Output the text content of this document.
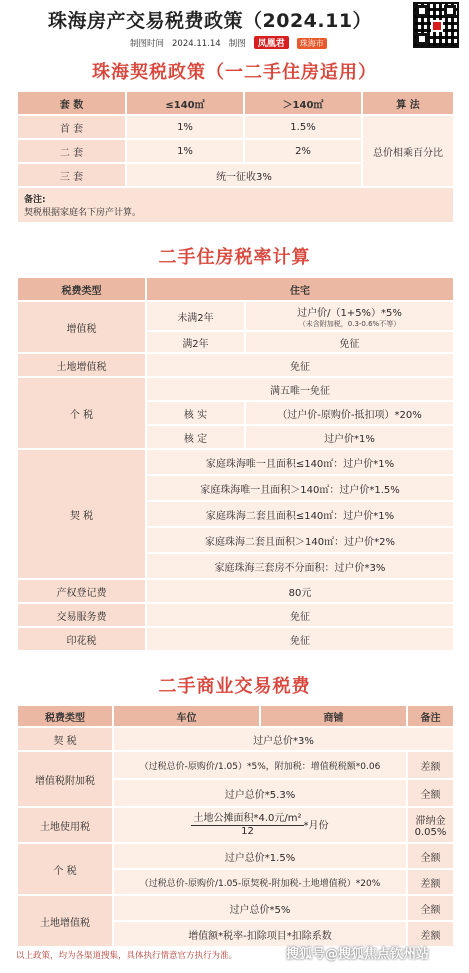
珠海房产交易税费政策（2024.11）
制图时间 2024.11.14 制图 凤凰君 珠海市
珠海契税政策（一二手住房适用）
套 数	≤140㎡	＞140㎡	算 法
首 套	1%	1.5%	总价相乘百分比
二 套	1%	2%	
三 套	统一征收3%		

备注:
契税根据家庭名下房产计算。			
二手住房税率计算
税费类型	住宅	
增值税	未满2年	过户价/（1+5%）*5%
（未含附加税，0.3-0.6%不等）

	满2年	免征
土地增值税	免征	
个 税	满五唯一免征	
	核 实	（过户价-原购价-抵扣项）*20%
	核 定	过户价*1%
契 税	家庭珠海唯一且面积≤140㎡：过户价*1%	
	家庭珠海唯一且面积＞140㎡：过户价*1.5%	
	家庭珠海二套且面积≤140㎡：过户价*1%	
	家庭珠海二套且面积＞140㎡：过户价*2%	
	家庭珠海三套房不分面积：过户价*3%	
产权登记费	80元	
交易服务费	免征	
印花税	免征	
二手商业交易税费
税费类型	车位	商铺	备注
契 税	过户总价*3%		
增值税附加税	（过税总价-原购价/1.05）*5%，附加税：增值税税额*0.06		差额
	过户总价*5.3%		全额
土地使用税	$\frac{\text{土地公摊面积*4.0元/m²}}{12}*$月份		滞纳金
0.05%

个 税	过户总价*1.5%		全额
	（过税总价-原购价/1.05-原契税-附加税-土地增值税）*20%		差额
土地增值税	过户总价*5%		全额
	增值额*税率-扣除项目*扣除系数		差额
以上政策，均为各渠道搜集，具体执行情意官方执行为准。	搜狐号@搜狐焦点钦州站
